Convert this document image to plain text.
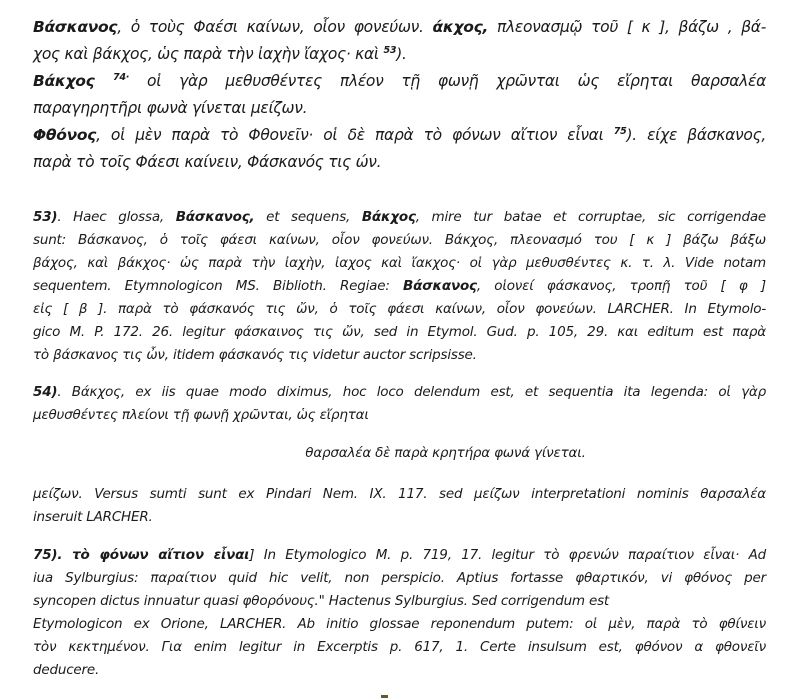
Βάσκανος, ὁ τοὺς Φαέσι καίνων, οἷον φονεύων. άκχος, πλεονασμῷ τοῦ [ κ ], βάζω , βά-
χος καὶ βάκχος, ὡς παρὰ τὴν ἰαχὴν ἴαχος· καὶ $^{53}$).
Βάκχος $^{74\cdot}$ οἱ γὰρ μεθυσθέντες πλέον τῇ φωνῇ χρῶνται ὡς εἴρηται θαρσαλέα
παραγηρητῆρι φωνὰ γίνεται μείζων.
Φθόνος, οἱ μὲν παρὰ τὸ Φθονεῖν· οἱ δὲ παρὰ τὸ φόνων αἴτιον εἶναι $^{75}$). είχε βάσκανος,
παρὰ τὸ τοῖς Φάεσι καίνειν, Φάσκανός τις ών.
53). Haec glossa, Βάσκανος, et sequens, Βάκχος, mire tur batae et corruptae, sic corrigendae
sunt: Βάσκανος, ὁ τοῖς φάεσι καίνων, οἷον φονεύων. Βάκχος, πλεονασμό του [ κ ] βάζω βάξω
βάχος, καὶ βάκχος· ὡς παρὰ τὴν ἰαχὴν, ἰαχος καὶ ἴακχος· οἱ γὰρ μεθυσθέντες κ. τ. λ. Vide notam
sequentem. Etymnologicon MS. Biblioth. Regiae: Βάσκανος, οἱονεί φάσκανος, τροπῇ τοῦ [ φ ]
εἰς [ β ]. παρὰ τὸ φάσκανός τις ὤν, ὁ τοῖς φάεσι καίνων, οἷον φονεύων. LARCHER. In Etymolo-
gico M. P. 172. 26. legitur φάσκαινος τις ὤν, sed in Etymol. Gud. p. 105, 29. και editum est παρὰ
τὸ βάσκανος τις ὦν, itidem φάσκανός τις videtur auctor scripsisse.
54). Βάκχος, ex iis quae modo diximus, hoc loco delendum est, et sequentia ita legenda: οἱ γὰρ
μεθυσθέντες πλείονι τῇ φωνῇ χρῶνται, ὡς εἴρηται
θαρσαλέα δὲ παρὰ κρητήρα φωνά γίνεται.
μείζων. Versus sumti sunt ex Pindari Nem. IX. 117. sed μείζων interpretationi nominis θαρσαλέα
inseruit LARCHER.
75). τὸ φόνων αἴτιον εἶναι] In Etymologico M. p. 719, 17. legitur τὸ φρενών παραίτιον εἶναι· Ad
iua Sylburgius: παραίτιον quid hic velit, non perspicio. Aptius fortasse φθαρτικόν, vi φθόνος per
syncopen dictus innuatur quasi φθορόνους." Hactenus Sylburgius. Sed corrigendum est
Etymologicon ex Orione, LARCHER. Ab initio glossae reponendum putem: οἱ μὲν, παρὰ τὸ φθίνειν
τὸν κεκτημένον. Για enim legitur in Excerptis p. 617, 1. Certe insulsum est, φθόνον α φθονεῖν
deducere.
